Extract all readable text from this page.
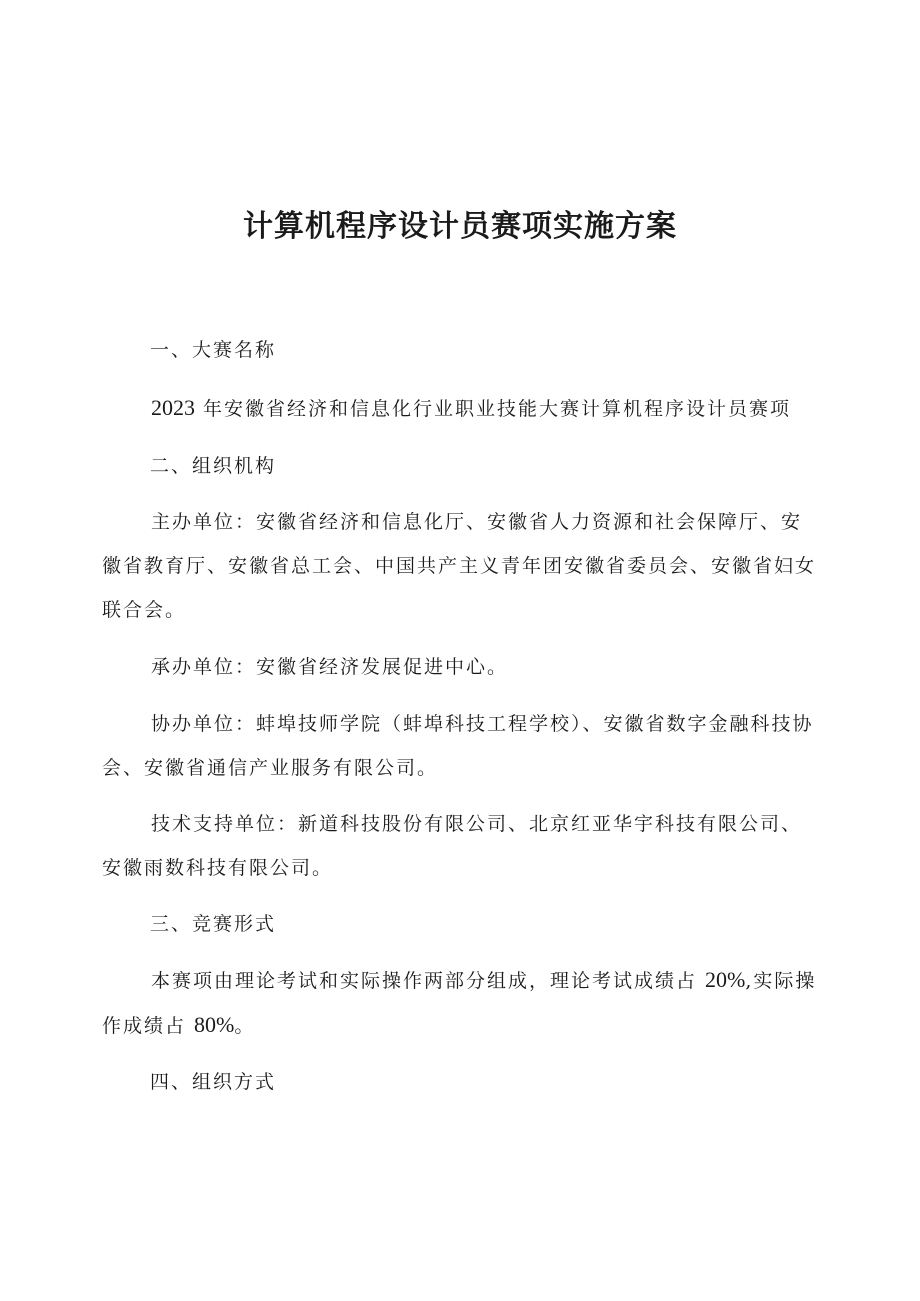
计算机程序设计员赛项实施方案

一、大赛名称

2023 年安徽省经济和信息化行业职业技能大赛计算机程序设计员赛项

二、组织机构

主办单位：安徽省经济和信息化厅、安徽省人力资源和社会保障厅、安徽省教育厅、安徽省总工会、中国共产主义青年团安徽省委员会、安徽省妇女联合会。

承办单位：安徽省经济发展促进中心。

协办单位：蚌埠技师学院（蚌埠科技工程学校）、安徽省数字金融科技协会、安徽省通信产业服务有限公司。

技术支持单位：新道科技股份有限公司、北京红亚华宇科技有限公司、安徽雨数科技有限公司。

三、竞赛形式

本赛项由理论考试和实际操作两部分组成，理论考试成绩占 20%,实际操作成绩占 80%。

四、组织方式
